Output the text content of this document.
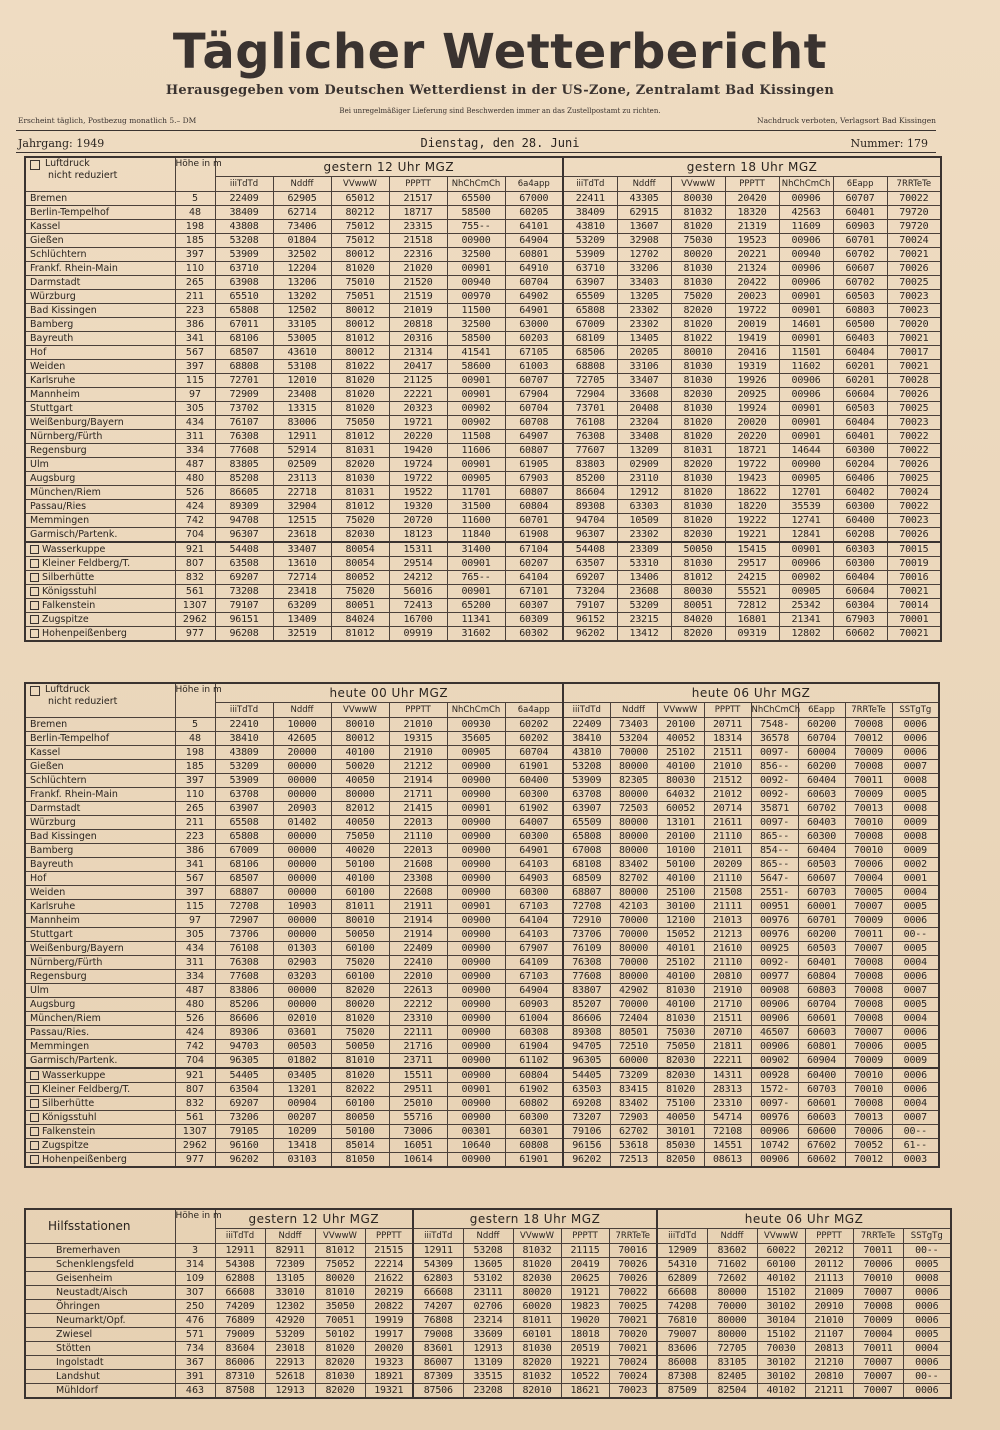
Täglicher Wetterbericht
Herausgegeben vom Deutschen Wetterdienst in der US-Zone, Zentralamt Bad Kissingen
Bei unregelmäßiger Lieferung sind Beschwerden immer an das Zustellpostamt zu richten.
Erscheint täglich, Postbezug monatlich 5.– DM	Nachdruck verboten, Verlagsort Bad Kissingen
Jahrgang: 1949	Dienstag, den 28. Juni	Nummer: 179
Luftdruck
nicht reduziert	Höhe in m	gestern 12 Uhr MGZ						gestern 18 Uhr MGZ						
		iiiTdTd	Nddff	VVwwW	PPPTT	NhChCmCh	6a4app	iiiTdTd	Nddff	VVwwW	PPPTT	NhChCmCh	6Eapp	7RRTeTe
Bremen	5	22409	62905	65012	21517	65500	67000	22411	43305	80030	20420	00906	60707	70022
Berlin-Tempelhof	48	38409	62714	80212	18717	58500	60205	38409	62915	81032	18320	42563	60401	79720
Kassel	198	43808	73406	75012	23315	755--	64101	43810	13607	81020	21319	11609	60903	79720
Gießen	185	53208	01804	75012	21518	00900	64904	53209	32908	75030	19523	00906	60701	70024
Schlüchtern	397	53909	32502	80012	22316	32500	60801	53909	12702	80020	20221	00940	60702	70021
Frankf. Rhein-Main	110	63710	12204	81020	21020	00901	64910	63710	33206	81030	21324	00906	60607	70026
Darmstadt	265	63908	13206	75010	21520	00940	60704	63907	33403	81030	20422	00906	60702	70025
Würzburg	211	65510	13202	75051	21519	00970	64902	65509	13205	75020	20023	00901	60503	70023
Bad Kissingen	223	65808	12502	80012	21019	11500	64901	65808	23302	82020	19722	00901	60803	70023
Bamberg	386	67011	33105	80012	20818	32500	63000	67009	23302	81020	20019	14601	60500	70020
Bayreuth	341	68106	53005	81012	20316	58500	60203	68109	13405	81022	19419	00901	60403	70021
Hof	567	68507	43610	80012	21314	41541	67105	68506	20205	80010	20416	11501	60404	70017
Weiden	397	68808	53108	81022	20417	58600	61003	68808	33106	81030	19319	11602	60201	70021
Karlsruhe	115	72701	12010	81020	21125	00901	60707	72705	33407	81030	19926	00906	60201	70028
Mannheim	97	72909	23408	81020	22221	00901	67904	72904	33608	82030	20925	00906	60604	70026
Stuttgart	305	73702	13315	81020	20323	00902	60704	73701	20408	81030	19924	00901	60503	70025
Weißenburg/Bayern	434	76107	83006	75050	19721	00902	60708	76108	23204	81020	20020	00901	60404	70023
Nürnberg/Fürth	311	76308	12911	81012	20220	11508	64907	76308	33408	81020	20220	00901	60401	70022
Regensburg	334	77608	52914	81031	19420	11606	60807	77607	13209	81031	18721	14644	60300	70022
Ulm	487	83805	02509	82020	19724	00901	61905	83803	02909	82020	19722	00900	60204	70026
Augsburg	480	85208	23113	81030	19722	00905	67903	85200	23110	81030	19423	00905	60406	70025
München/Riem	526	86605	22718	81031	19522	11701	60807	86604	12912	81020	18622	12701	60402	70024
Passau/Ries	424	89309	32904	81012	19320	31500	60804	89308	63303	81030	18220	35539	60300	70022
Memmingen	742	94708	12515	75020	20720	11600	60701	94704	10509	81020	19222	12741	60400	70023
Garmisch/Partenk.	704	96307	23618	82030	18123	11840	61908	96307	23302	82030	19221	12841	60208	70026
Wasserkuppe	921	54408	33407	80054	15311	31400	67104	54408	23309	50050	15415	00901	60303	70015
Kleiner Feldberg/T.	807	63508	13610	80054	29514	00901	60207	63507	53310	81030	29517	00906	60300	70019
Silberhütte	832	69207	72714	80052	24212	765--	64104	69207	13406	81012	24215	00902	60404	70016
Königsstuhl	561	73208	23418	75020	56016	00901	67101	73204	23608	80030	55521	00905	60604	70021
Falkenstein	1307	79107	63209	80051	72413	65200	60307	79107	53209	80051	72812	25342	60304	70014
Zugspitze	2962	96151	13409	84024	16700	11341	60309	96152	23215	84020	16801	21341	67903	70001
Hohenpeißenberg	977	96208	32519	81012	09919	31602	60302	96202	13412	82020	09319	12802	60602	70021
Luftdruck
nicht reduziert	Höhe in m	heute 00 Uhr MGZ						heute 06 Uhr MGZ							
		iiiTdTd	Nddff	VVwwW	PPPTT	NhChCmCh	6a4app	iiiTdTd	Nddff	VVwwW	PPPTT	NhChCmCh	6Eapp	7RRTeTe	SSTgTg
Bremen	5	22410	10000	80010	21010	00930	60202	22409	73403	20100	20711	7548-	60200	70008	0006
Berlin-Tempelhof	48	38410	42605	80012	19315	35605	60202	38410	53204	40052	18314	36578	60704	70012	0006
Kassel	198	43809	20000	40100	21910	00905	60704	43810	70000	25102	21511	0097-	60004	70009	0006
Gießen	185	53209	00000	50020	21212	00900	61901	53208	80000	40100	21010	856--	60200	70008	0007
Schlüchtern	397	53909	00000	40050	21914	00900	60400	53909	82305	80030	21512	0092-	60404	70011	0008
Frankf. Rhein-Main	110	63708	00000	80000	21711	00900	60300	63708	80000	64032	21012	0092-	60603	70009	0005
Darmstadt	265	63907	20903	82012	21415	00901	61902	63907	72503	60052	20714	35871	60702	70013	0008
Würzburg	211	65508	01402	40050	22013	00900	64007	65509	80000	13101	21611	0097-	60403	70010	0009
Bad Kissingen	223	65808	00000	75050	21110	00900	60300	65808	80000	20100	21110	865--	60300	70008	0008
Bamberg	386	67009	00000	40020	22013	00900	64901	67008	80000	10100	21011	854--	60404	70010	0009
Bayreuth	341	68106	00000	50100	21608	00900	64103	68108	83402	50100	20209	865--	60503	70006	0002
Hof	567	68507	00000	40100	23308	00900	64903	68509	82702	40100	21110	5647-	60607	70004	0001
Weiden	397	68807	00000	60100	22608	00900	60300	68807	80000	25100	21508	2551-	60703	70005	0004
Karlsruhe	115	72708	10903	81011	21911	00901	67103	72708	42103	30100	21111	00951	60001	70007	0005
Mannheim	97	72907	00000	80010	21914	00900	64104	72910	70000	12100	21013	00976	60701	70009	0006
Stuttgart	305	73706	00000	50050	21914	00900	64103	73706	70000	15052	21213	00976	60200	70011	00--
Weißenburg/Bayern	434	76108	01303	60100	22409	00900	67907	76109	80000	40101	21610	00925	60503	70007	0005
Nürnberg/Fürth	311	76308	02903	75020	22410	00900	64109	76308	70000	25102	21110	0092-	60401	70008	0004
Regensburg	334	77608	03203	60100	22010	00900	67103	77608	80000	40100	20810	00977	60804	70008	0006
Ulm	487	83806	00000	82020	22613	00900	64904	83807	42902	81030	21910	00908	60803	70008	0007
Augsburg	480	85206	00000	80020	22212	00900	60903	85207	70000	40100	21710	00906	60704	70008	0005
München/Riem	526	86606	02010	81020	23310	00900	61004	86606	72404	81030	21511	00906	60601	70008	0004
Passau/Ries.	424	89306	03601	75020	22111	00900	60308	89308	80501	75030	20710	46507	60603	70007	0006
Memmingen	742	94703	00503	50050	21716	00900	61904	94705	72510	75050	21811	00906	60801	70006	0005
Garmisch/Partenk.	704	96305	01802	81010	23711	00900	61102	96305	60000	82030	22211	00902	60904	70009	0009
Wasserkuppe	921	54405	03405	81020	15511	00900	60804	54405	73209	82030	14311	00928	60400	70010	0006
Kleiner Feldberg/T.	807	63504	13201	82022	29511	00901	61902	63503	83415	81020	28313	1572-	60703	70010	0006
Silberhütte	832	69207	00904	60100	25010	00900	60802	69208	83402	75100	23310	0097-	60601	70008	0004
Königsstuhl	561	73206	00207	80050	55716	00900	60300	73207	72903	40050	54714	00976	60603	70013	0007
Falkenstein	1307	79105	10209	50100	73006	00301	60301	79106	62702	30101	72108	00906	60600	70006	00--
Zugspitze	2962	96160	13418	85014	16051	10640	60808	96156	53618	85030	14551	10742	67602	70052	61--
Hohenpeißenberg	977	96202	03103	81050	10614	00900	61901	96202	72513	82050	08613	00906	60602	70012	0003
Hilfsstationen	Höhe in m	gestern 12 Uhr MGZ				gestern 18 Uhr MGZ					heute 06 Uhr MGZ					
		iiiTdTd	Nddff	VVwwW	PPPTT	iiiTdTd	Nddff	VVwwW	PPPTT	7RRTeTe	iiiTdTd	Nddff	VVwwW	PPPTT	7RRTeTe	SSTgTg
Bremerhaven	3	12911	82911	81012	21515	12911	53208	81032	21115	70016	12909	83602	60022	20212	70011	00--
Schenklengsfeld	314	54308	72309	75052	22214	54309	13605	81020	20419	70026	54310	71602	60100	20112	70006	0005
Geisenheim	109	62808	13105	80020	21622	62803	53102	82030	20625	70026	62809	72602	40102	21113	70010	0008
Neustadt/Aisch	307	66608	33010	81010	20219	66608	23111	80020	19121	70022	66608	80000	15102	21009	70007	0006
Öhringen	250	74209	12302	35050	20822	74207	02706	60020	19823	70025	74208	70000	30102	20910	70008	0006
Neumarkt/Opf.	476	76809	42920	70051	19919	76808	23214	81011	19020	70021	76810	80000	30104	21010	70009	0006
Zwiesel	571	79009	53209	50102	19917	79008	33609	60101	18018	70020	79007	80000	15102	21107	70004	0005
Stötten	734	83604	23018	81020	20020	83601	12913	81030	20519	70021	83606	72705	70030	20813	70011	0004
Ingolstadt	367	86006	22913	82020	19323	86007	13109	82020	19221	70024	86008	83105	30102	21210	70007	0006
Landshut	391	87310	52618	81030	18921	87309	33515	81032	10522	70024	87308	82405	30102	20810	70007	00--
Mühldorf	463	87508	12913	82020	19321	87506	23208	82010	18621	70023	87509	82504	40102	21211	70007	0006
